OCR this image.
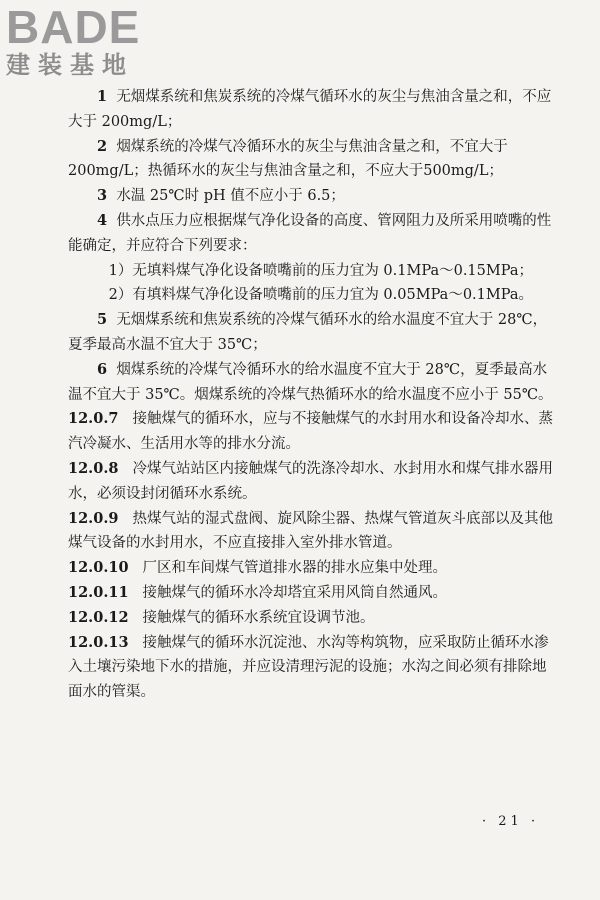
BADE
建装基地

1 无烟煤系统和焦炭系统的冷煤气循环水的灰尘与焦油含量之和，不应大于 200mg/L；

2 烟煤系统的冷煤气冷循环水的灰尘与焦油含量之和，不宜大于 200mg/L；热循环水的灰尘与焦油含量之和，不应大于500mg/L；

3 水温 25℃时 pH 值不应小于 6.5；

4 供水点压力应根据煤气净化设备的高度、管网阻力及所采用喷嘴的性能确定，并应符合下列要求：

1）无填料煤气净化设备喷嘴前的压力宜为 0.1MPa～0.15MPa；

2）有填料煤气净化设备喷嘴前的压力宜为 0.05MPa～0.1MPa。

5 无烟煤系统和焦炭系统的冷煤气循环水的给水温度不宜大于 28℃，夏季最高水温不宜大于 35℃；

6 烟煤系统的冷煤气冷循环水的给水温度不宜大于 28℃，夏季最高水温不宜大于 35℃。烟煤系统的冷煤气热循环水的给水温度不应小于 55℃。

12.0.7 接触煤气的循环水，应与不接触煤气的水封用水和设备冷却水、蒸汽冷凝水、生活用水等的排水分流。

12.0.8 冷煤气站站区内接触煤气的洗涤冷却水、水封用水和煤气排水器用水，必须设封闭循环水系统。

12.0.9 热煤气站的湿式盘阀、旋风除尘器、热煤气管道灰斗底部以及其他煤气设备的水封用水，不应直接排入室外排水管道。

12.0.10 厂区和车间煤气管道排水器的排水应集中处理。

12.0.11 接触煤气的循环水冷却塔宜采用风筒自然通风。

12.0.12 接触煤气的循环水系统宜设调节池。

12.0.13 接触煤气的循环水沉淀池、水沟等构筑物，应采取防止循环水渗入土壤污染地下水的措施，并应设清理污泥的设施；水沟之间必须有排除地面水的管渠。

· 21 ·
